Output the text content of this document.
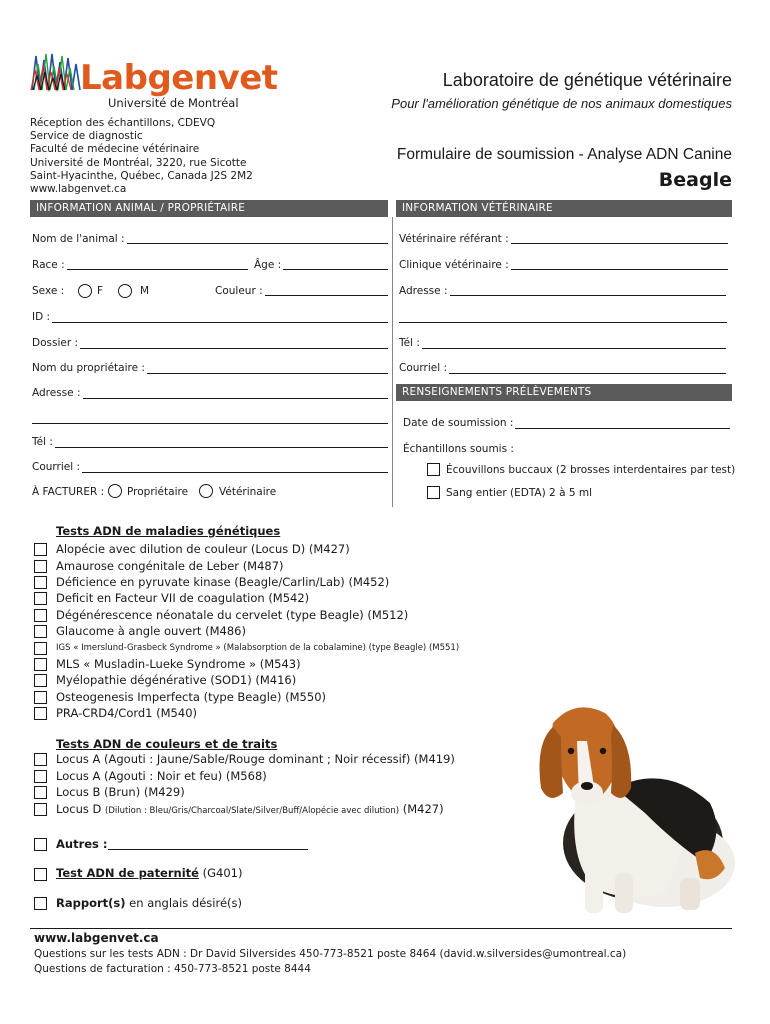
Labgenvet
Université de Montréal
Laboratoire de génétique vétérinaire
Pour l'amélioration génétique de nos animaux domestiques
Réception des échantillons, CDEVQ
Service de diagnostic
Faculté de médecine vétérinaire
Université de Montréal, 3220, rue Sicotte
Saint-Hyacinthe, Québec, Canada J2S 2M2
www.labgenvet.ca
Formulaire de soumission - Analyse ADN Canine
Beagle
INFORMATION ANIMAL / PROPRIÉTAIRE	INFORMATION VÉTÉRINAIRE
Nom de l'animal :
Race :	Âge :
Sexe :	F	M	Couleur :
ID :
Dossier :
Nom du propriétaire :
Adresse :
Tél :
Courriel :
À FACTURER : Propriétaire	Vétérinaire
Vétérinaire référant :
Clinique vétérinaire :
Adresse :
Tél :
Courriel :
RENSEIGNEMENTS PRÉLÈVEMENTS
Date de soumission :
Échantillons soumis :
Écouvillons buccaux (2 brosses interdentaires par test)
Sang entier (EDTA) 2 à 5 ml
Tests ADN de maladies génétiques
Alopécie avec dilution de couleur (Locus D) (M427)
Amaurose congénitale de Leber (M487)
Déficience en pyruvate kinase (Beagle/Carlin/Lab) (M452)
Deficit en Facteur VII de coagulation (M542)
Dégénérescence néonatale du cervelet (type Beagle) (M512)
Glaucome à angle ouvert (M486)
IGS « Imerslund-Grasbeck Syndrome » (Malabsorption de la cobalamine) (type Beagle) (M551)
MLS « Musladin-Lueke Syndrome » (M543)
Myélopathie dégénérative (SOD1) (M416)
Osteogenesis Imperfecta (type Beagle) (M550)
PRA-CRD4/Cord1 (M540)
Tests ADN de couleurs et de traits
Locus A (Agouti : Jaune/Sable/Rouge dominant ; Noir récessif) (M419)
Locus A (Agouti : Noir et feu) (M568)
Locus B (Brun) (M429)
Locus D (Dilution : Bleu/Gris/Charcoal/Slate/Silver/Buff/Alopécie avec dilution) (M427)
Autres :
Test ADN de paternité (G401)
Rapport(s) en anglais désiré(s)
www.labgenvet.ca
Questions sur les tests ADN : Dr David Silversides 450-773-8521 poste 8464 (david.w.silversides@umontreal.ca)
Questions de facturation : 450-773-8521 poste 8444
